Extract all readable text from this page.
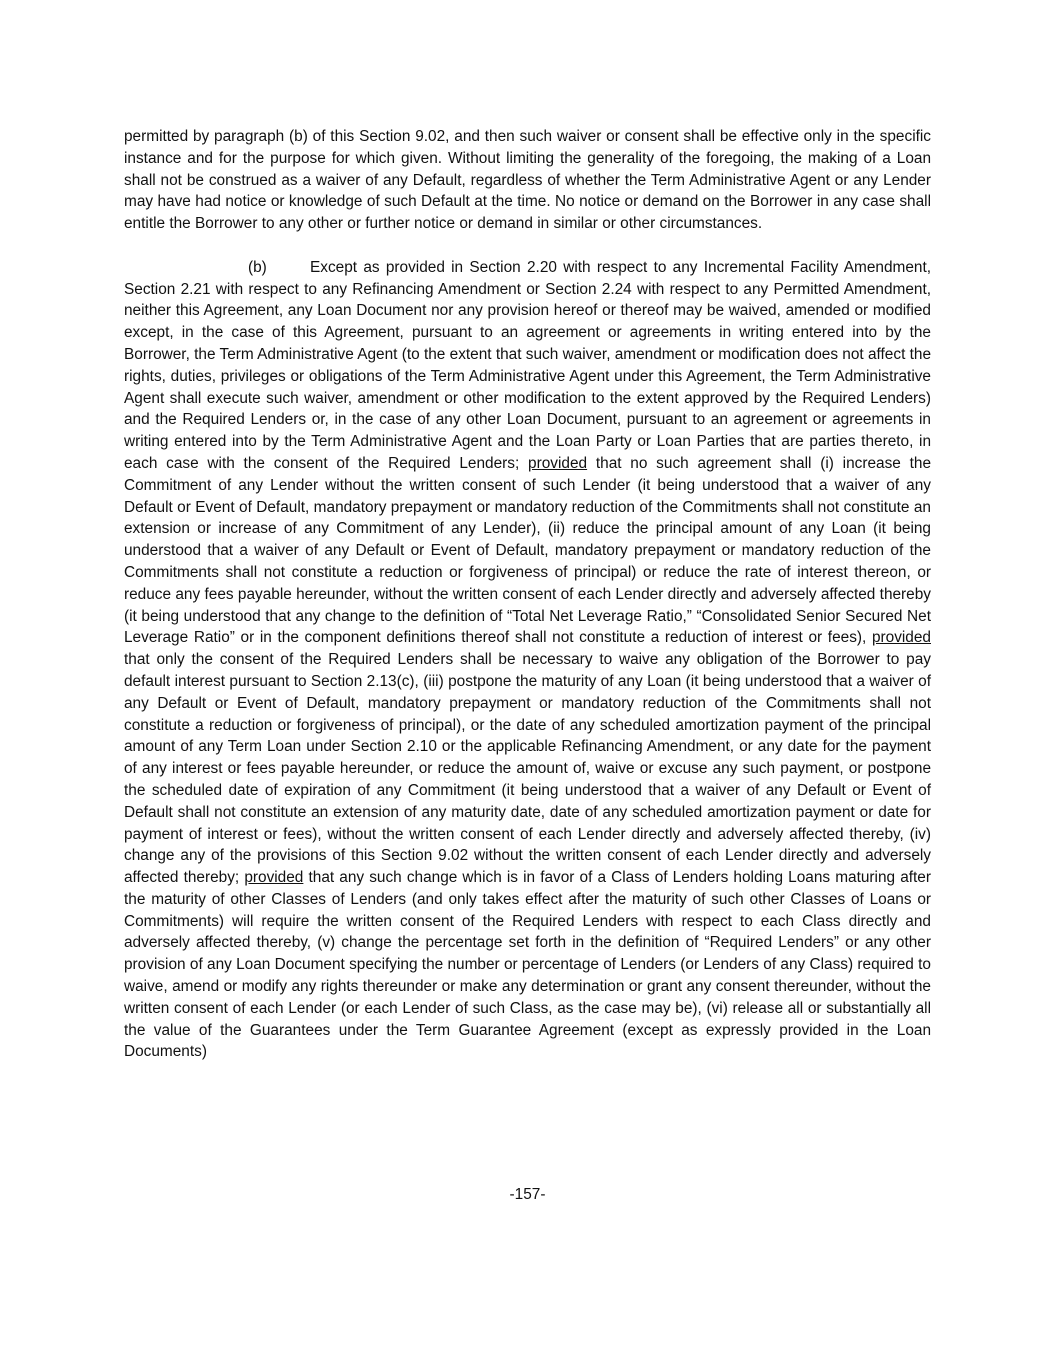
permitted by paragraph (b) of this Section 9.02, and then such waiver or consent shall be effective only in the specific instance and for the purpose for which given. Without limiting the generality of the foregoing, the making of a Loan shall not be construed as a waiver of any Default, regardless of whether the Term Administrative Agent or any Lender may have had notice or knowledge of such Default at the time. No notice or demand on the Borrower in any case shall entitle the Borrower to any other or further notice or demand in similar or other circumstances.

(b)	Except as provided in Section 2.20 with respect to any Incremental Facility Amendment, Section 2.21 with respect to any Refinancing Amendment or Section 2.24 with respect to any Permitted Amendment, neither this Agreement, any Loan Document nor any provision hereof or thereof may be waived, amended or modified except, in the case of this Agreement, pursuant to an agreement or agreements in writing entered into by the Borrower, the Term Administrative Agent (to the extent that such waiver, amendment or modification does not affect the rights, duties, privileges or obligations of the Term Administrative Agent under this Agreement, the Term Administrative Agent shall execute such waiver, amendment or other modification to the extent approved by the Required Lenders) and the Required Lenders or, in the case of any other Loan Document, pursuant to an agreement or agreements in writing entered into by the Term Administrative Agent and the Loan Party or Loan Parties that are parties thereto, in each case with the consent of the Required Lenders; provided that no such agreement shall (i) increase the Commitment of any Lender without the written consent of such Lender (it being understood that a waiver of any Default or Event of Default, mandatory prepayment or mandatory reduction of the Commitments shall not constitute an extension or increase of any Commitment of any Lender), (ii) reduce the principal amount of any Loan (it being understood that a waiver of any Default or Event of Default, mandatory prepayment or mandatory reduction of the Commitments shall not constitute a reduction or forgiveness of principal) or reduce the rate of interest thereon, or reduce any fees payable hereunder, without the written consent of each Lender directly and adversely affected thereby (it being understood that any change to the definition of “Total Net Leverage Ratio,” “Consolidated Senior Secured Net Leverage Ratio” or in the component definitions thereof shall not constitute a reduction of interest or fees), provided that only the consent of the Required Lenders shall be necessary to waive any obligation of the Borrower to pay default interest pursuant to Section 2.13(c), (iii) postpone the maturity of any Loan (it being understood that a waiver of any Default or Event of Default, mandatory prepayment or mandatory reduction of the Commitments shall not constitute a reduction or forgiveness of principal), or the date of any scheduled amortization payment of the principal amount of any Term Loan under Section 2.10 or the applicable Refinancing Amendment, or any date for the payment of any interest or fees payable hereunder, or reduce the amount of, waive or excuse any such payment, or postpone the scheduled date of expiration of any Commitment (it being understood that a waiver of any Default or Event of Default shall not constitute an extension of any maturity date, date of any scheduled amortization payment or date for payment of interest or fees), without the written consent of each Lender directly and adversely affected thereby, (iv) change any of the provisions of this Section 9.02 without the written consent of each Lender directly and adversely affected thereby; provided that any such change which is in favor of a Class of Lenders holding Loans maturing after the maturity of other Classes of Lenders (and only takes effect after the maturity of such other Classes of Loans or Commitments) will require the written consent of the Required Lenders with respect to each Class directly and adversely affected thereby, (v) change the percentage set forth in the definition of “Required Lenders” or any other provision of any Loan Document specifying the number or percentage of Lenders (or Lenders of any Class) required to waive, amend or modify any rights thereunder or make any determination or grant any consent thereunder, without the written consent of each Lender (or each Lender of such Class, as the case may be), (vi) release all or substantially all the value of the Guarantees under the Term Guarantee Agreement (except as expressly provided in the Loan Documents)

-157-
